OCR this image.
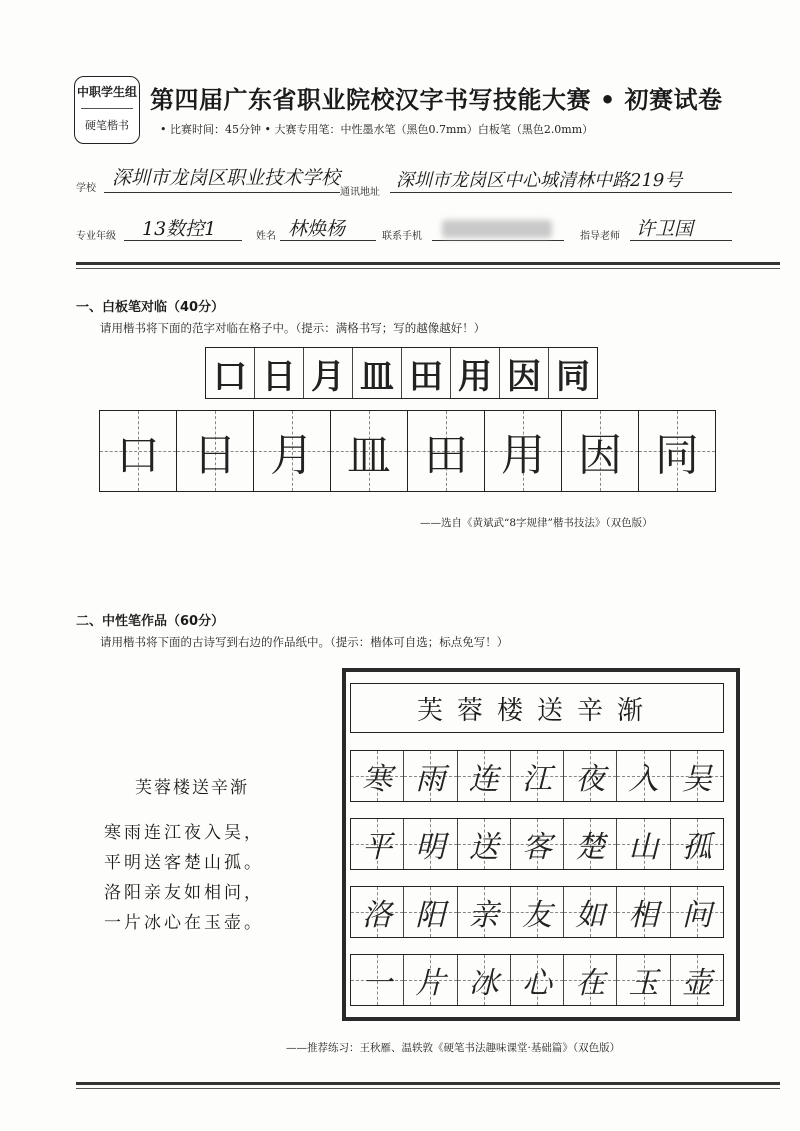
中职学生组
硬笔楷书
第四届广东省职业院校汉字书写技能大赛 • 初赛试卷
• 比赛时间：45分钟 • 大赛专用笔：中性墨水笔（黑色0.7mm）白板笔（黑色2.0mm）
学校 深圳市龙岗区职业技术学校
通讯地址
深圳市龙岗区中心城清林中路219号
专业年级 13数控1	姓名 林焕杨	联系手机	指导老师 许卫国
一、白板笔对临（40分）
请用楷书将下面的范字对临在格子中。（提示：满格书写；写的越像越好！）
口 日 月 皿 田 用 因 同
口 日 月 皿 田 用 因 同
——选自《黄斌武“8字规律”楷书技法》（双色版）
二、中性笔作品（60分）
请用楷书将下面的古诗写到右边的作品纸中。（提示：楷体可自选；标点免写！）
芙蓉楼送辛渐
寒雨连江夜入吴，
平明送客楚山孤。
洛阳亲友如相问，
一片冰心在玉壶。
芙蓉楼送辛渐
寒 雨 连 江 夜 入 吴
平 明 送 客 楚 山 孤
洛 阳 亲 友 如 相 问
一 片 冰 心 在 玉 壶
——推荐练习：王秋雁、温轶敦《硬笔书法趣味课堂·基础篇》（双色版）
